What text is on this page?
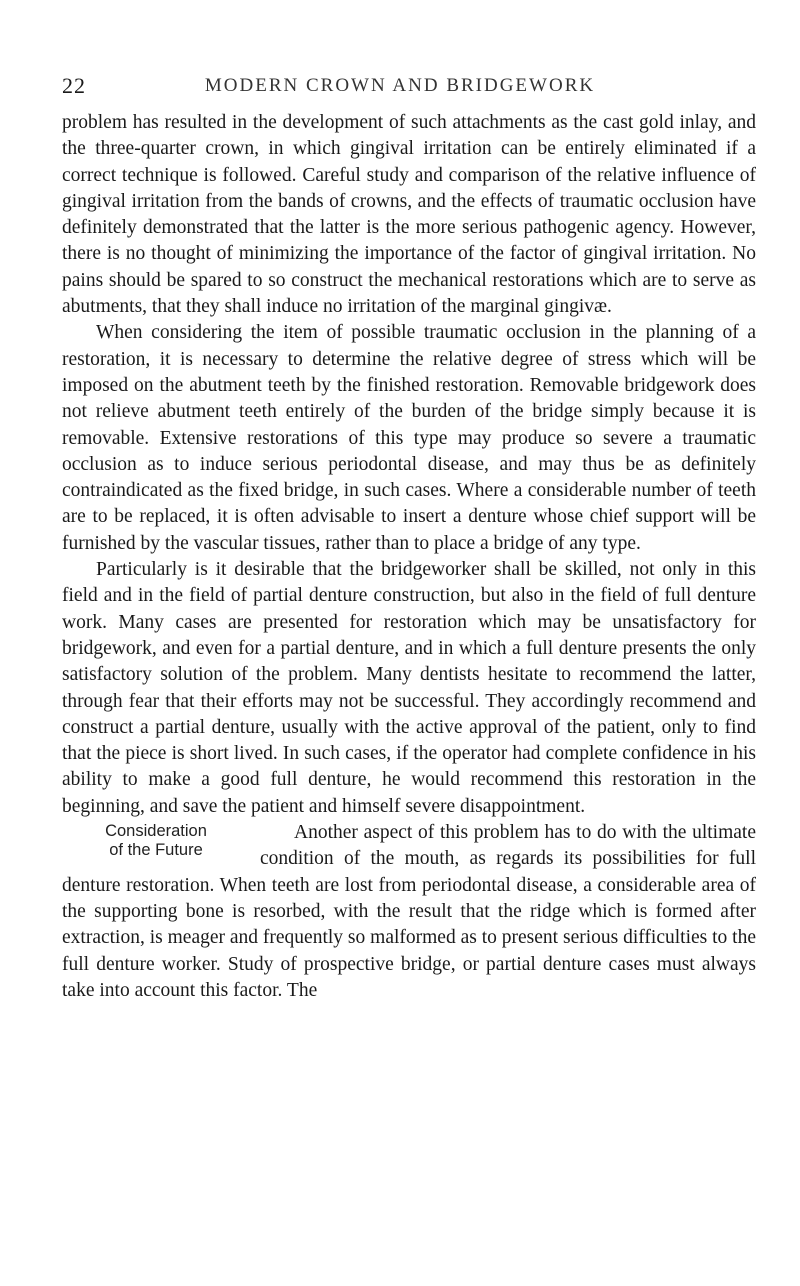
22	MODERN CROWN AND BRIDGEWORK

problem has resulted in the development of such attachments as the cast gold inlay, and the three-quarter crown, in which gingival irritation can be entirely eliminated if a correct technique is followed. Careful study and comparison of the relative influence of gingival irritation from the bands of crowns, and the effects of traumatic occlusion have definitely demonstrated that the latter is the more serious pathogenic agency. However, there is no thought of minimizing the importance of the factor of gingival irritation. No pains should be spared to so construct the mechanical restorations which are to serve as abutments, that they shall induce no irritation of the marginal gingivæ.

When considering the item of possible traumatic occlusion in the planning of a restoration, it is necessary to determine the relative degree of stress which will be imposed on the abutment teeth by the finished restoration. Removable bridgework does not relieve abutment teeth entirely of the burden of the bridge simply because it is removable. Extensive restorations of this type may produce so severe a traumatic occlusion as to induce serious periodontal disease, and may thus be as definitely contraindicated as the fixed bridge, in such cases. Where a considerable number of teeth are to be replaced, it is often advisable to insert a denture whose chief support will be furnished by the vascular tissues, rather than to place a bridge of any type.

Particularly is it desirable that the bridgeworker shall be skilled, not only in this field and in the field of partial denture construction, but also in the field of full denture work. Many cases are presented for restoration which may be unsatisfactory for bridgework, and even for a partial denture, and in which a full denture presents the only satisfactory solution of the problem. Many dentists hesitate to recommend the latter, through fear that their efforts may not be successful. They accordingly recommend and construct a partial denture, usually with the active approval of the patient, only to find that the piece is short lived. In such cases, if the operator had complete confidence in his ability to make a good full denture, he would recommend this restoration in the beginning, and save the patient and himself severe disappointment.

Consideration
of the Future

Another aspect of this problem has to do with the ultimate condition of the mouth, as regards its possibilities for full denture restoration. When teeth are lost from periodontal disease, a considerable area of the supporting bone is resorbed, with the result that the ridge which is formed after extraction, is meager and frequently so malformed as to present serious difficulties to the full denture worker. Study of prospective bridge, or partial denture cases must always take into account this factor. The
